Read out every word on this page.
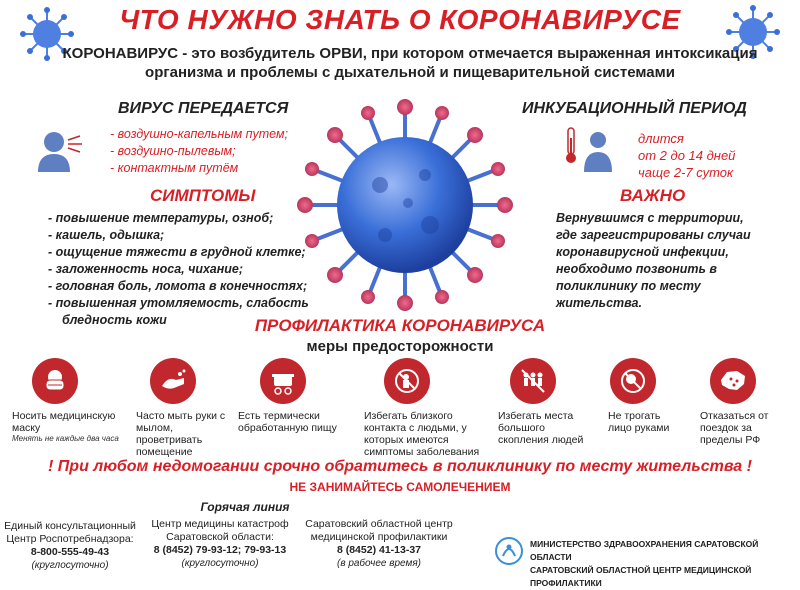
ЧТО НУЖНО ЗНАТЬ О КОРОНАВИРУСЕ
КОРОНАВИРУС - это возбудитель ОРВИ, при котором отмечается выраженная интоксикация организма и проблемы с дыхательной и пищеварительной системами
ВИРУС ПЕРЕДАЕТСЯ
- воздушно-капельным путем;
- воздушно-пылевым;
- контактным путём
ИНКУБАЦИОННЫЙ ПЕРИОД
длится
от 2 до 14 дней
чаще 2-7 суток
СИМПТОМЫ
- повышение температуры, озноб;
- кашель, одышка;
- ощущение тяжести в грудной клетке;
- заложенность носа, чихание;
- головная боль, ломота в конечностях;
- повышенная утомляемость, слабость
бледность кожи
ВАЖНО
Вернувшимся с территории, где зарегистрированы случаи коронавирусной инфекции, необходимо позвонить в поликлинику по месту жительства.
ПРОФИЛАКТИКА КОРОНАВИРУСА
меры предосторожности
Носить медицинскую маску
Менять не каждые два часа
Часто мыть руки с мылом, проветривать помещение
Есть термически обработанную пищу
Избегать близкого контакта с людьми, у которых имеются симптомы заболевания
Избегать места большого скопления людей
Не трогать лицо руками
Отказаться от поездок за пределы РФ
! При любом недомогании срочно обратитесь в поликлинику по месту жительства !
НЕ ЗАНИМАЙТЕСЬ САМОЛЕЧЕНИЕМ
Горячая линия
Единый консультационный Центр Роспотребнадзора:
8-800-555-49-43
(круглосуточно)
Центр медицины катастроф Саратовской области:
8 (8452) 79-93-12; 79-93-13
(круглосуточно)
Саратовский областной центр медицинской профилактики
8 (8452) 41-13-37
(в рабочее время)
МИНИСТЕРСТВО ЗДРАВООХРАНЕНИЯ САРАТОВСКОЙ ОБЛАСТИ
САРАТОВСКИЙ ОБЛАСТНОЙ ЦЕНТР МЕДИЦИНСКОЙ ПРОФИЛАКТИКИ
